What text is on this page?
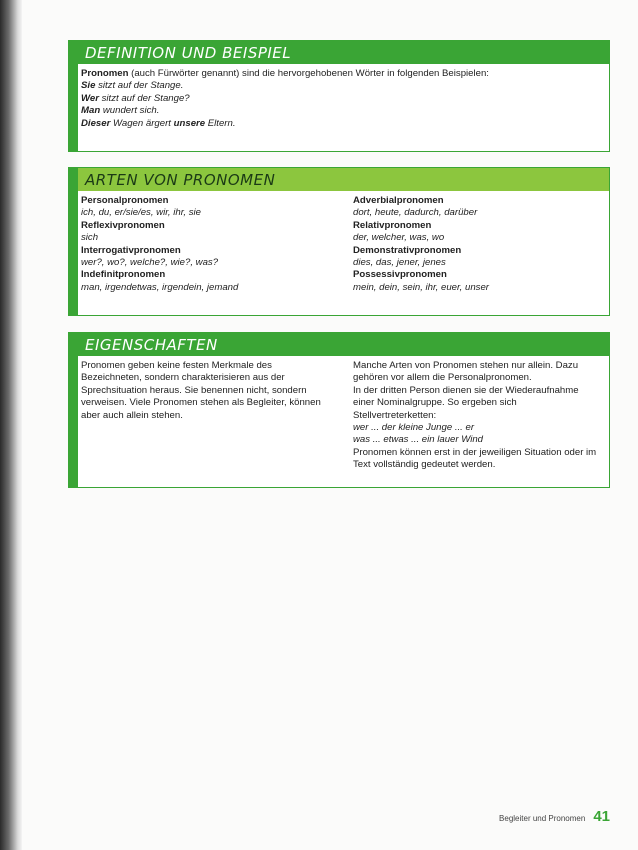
DEFINITION UND BEISPIEL
Pronomen (auch Fürwörter genannt) sind die hervorgehobenen Wörter in folgenden Beispielen:
Sie sitzt auf der Stange.
Wer sitzt auf der Stange?
Man wundert sich.
Dieser Wagen ärgert unsere Eltern.
ARTEN VON PRONOMEN
Personalpronomen
ich, du, er/sie/es, wir, ihr, sie
Reflexivpronomen
sich
Interrogativpronomen
wer?, wo?, welche?, wie?, was?
Indefinitpronomen
man, irgendetwas, irgendein, jemand
Adverbialpronomen
dort, heute, dadurch, darüber
Relativpronomen
der, welcher, was, wo
Demonstrativpronomen
dies, das, jener, jenes
Possessivpronomen
mein, dein, sein, ihr, euer, unser
EIGENSCHAFTEN
Pronomen geben keine festen Merkmale des Bezeichneten, sondern charakterisieren aus der Sprechsituation heraus. Sie benennen nicht, sondern verweisen. Viele Pronomen stehen als Begleiter, können aber auch allein stehen.
Manche Arten von Pronomen stehen nur allein. Dazu gehören vor allem die Personalpronomen.
In der dritten Person dienen sie der Wiederaufnahme einer Nominalgruppe. So ergeben sich Stellvertreterketten:
wer ... der kleine Junge ... er
was ... etwas ... ein lauer Wind
Pronomen können erst in der jeweiligen Situation oder im Text vollständig gedeutet werden.
Begleiter und Pronomen 41
